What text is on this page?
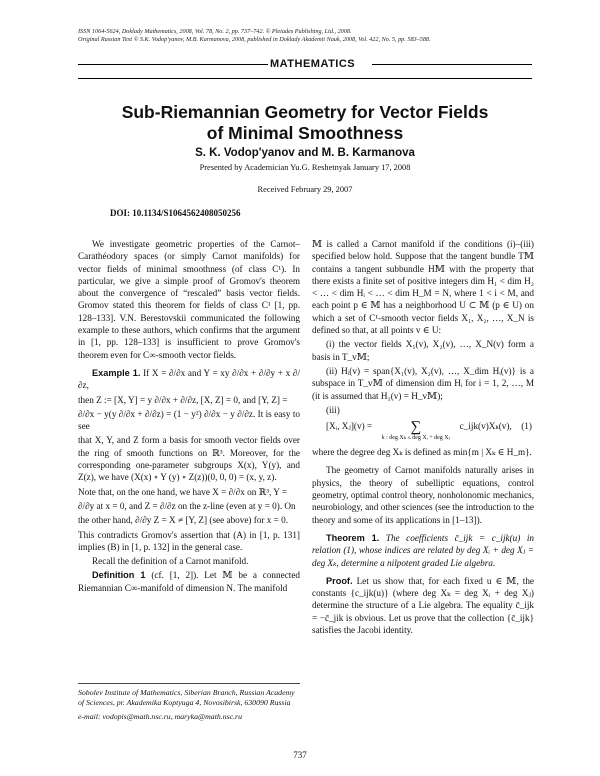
ISSN 1064-5624, Doklady Mathematics, 2008, Vol. 78, No. 2, pp. 737–742. © Pleiades Publishing, Ltd., 2008.
Original Russian Text © S.K. Vodop'yanov, M.B. Karmanova, 2008, published in Doklady Akademii Nauk, 2008, Vol. 422, No. 5, pp. 583–588.
MATHEMATICS
Sub-Riemannian Geometry for Vector Fields
of Minimal Smoothness
S. K. Vodop'yanov and M. B. Karmanova
Presented by Academician Yu.G. Reshetnyak January 17, 2008
Received February 29, 2007
DOI: 10.1134/S1064562408050256

We investigate geometric properties of the Carnot–Carathéodory spaces (or simply Carnot manifolds) for vector fields of minimal smoothness (of class C¹). In particular, we give a simple proof of Gromov's theorem about the convergence of “rescaled” basis vector fields. Gromov stated this theorem for fields of class C¹ [1, pp. 128–133]. V.N. Berestovskii communicated the following example to these authors, which confirms that the argument in [1, pp. 128–133] is insufficient to prove Gromov's theorem even for C∞-smooth vector fields.

Example 1. If X = ∂/∂x and Y = xy ∂/∂x + ∂/∂y + x ∂/∂z,

then Z := [X, Y] = y ∂/∂x + ∂/∂z, [X, Z] = 0, and [Y, Z] =

∂/∂x − y(y ∂/∂x + ∂/∂z) = (1 − y²) ∂/∂x − y ∂/∂z. It is easy to see

that X, Y, and Z form a basis for smooth vector fields over the ring of smooth functions on ℝ³. Moreover, for the corresponding one-parameter subgroups X(x), Y(y), and Z(z), we have (X(x) ∘ Y (y) ∘ Z(z))(0, 0, 0) = (x, y, z).

Note that, on the one hand, we have X = ∂/∂x on ℝ³, Y =

∂/∂y at x = 0, and Z = ∂/∂z on the z-line (even at y = 0). On

the other hand, ∂/∂y Z = X ≠ [Y, Z] (see above) for x = 0.

This contradicts Gromov's assertion that (A) in [1, p. 131] implies (B) in [1, p. 132] in the general case.

Recall the definition of a Carnot manifold.

Definition 1 (cf. [1, 2]). Let 𝕄 be a connected Riemannian C∞-manifold of dimension N. The manifold

Sobolev Institute of Mathematics, Siberian Branch, Russian Academy of Sciences, pr. Akademika Koptyuga 4, Novosibirsk, 630090 Russia
e-mail: vodopis@math.nsc.ru, maryka@math.nsc.ru

𝕄 is called a Carnot manifold if the conditions (i)–(iii) specified below hold. Suppose that the tangent bundle T𝕄 contains a tangent subbundle H𝕄 with the property that there exists a finite set of positive integers dim H₁ < dim H₂ < … < dim Hᵢ < … < dim H_M = N, where 1 < i < M, and each point p ∈ 𝕄 has a neighborhood U ⊂ 𝕄 (p ∈ U) on which a set of C¹-smooth vector fields X₁, X₂, …, X_N is defined so that, at all points v ∈ U:

(i) the vector fields X₁(v), X₂(v), …, X_N(v) form a basis in T_v𝕄;

(ii) Hᵢ(v) = span{X₁(v), X₂(v), …, X_dim Hᵢ(v)} is a subspace in T_v𝕄 of dimension dim Hᵢ for i = 1, 2, …, M (it is assumed that H₁(v) = H_v𝕄);

(iii)

[Xᵢ, Xⱼ](v) =	∑
k : deg Xₖ ≤ deg Xᵢ + deg Xⱼ
c_ijk(v)Xₖ(v), (1)

where the degree deg Xₖ is defined as min{m | Xₖ ∈ H_m}.

The geometry of Carnot manifolds naturally arises in physics, the theory of subelliptic equations, control geometry, optimal control theory, nonholonomic mechanics, neurobiology, and other sciences (see the introduction to the theory and some of its applications in [1–13]).

Theorem 1. The coefficients c̄_ijk = c_ijk(u) in relation (1), whose indices are related by deg Xᵢ + deg Xⱼ = deg Xₖ, determine a nilpotent graded Lie algebra.

Proof. Let us show that, for each fixed u ∈ 𝕄, the constants {c_ijk(u)} (where deg Xₖ = deg Xᵢ + deg Xⱼ) determine the structure of a Lie algebra. The equality c̄_ijk = −c̄_jik is obvious. Let us prove that the collection {c̄_ijk} satisfies the Jacobi identity.

737
